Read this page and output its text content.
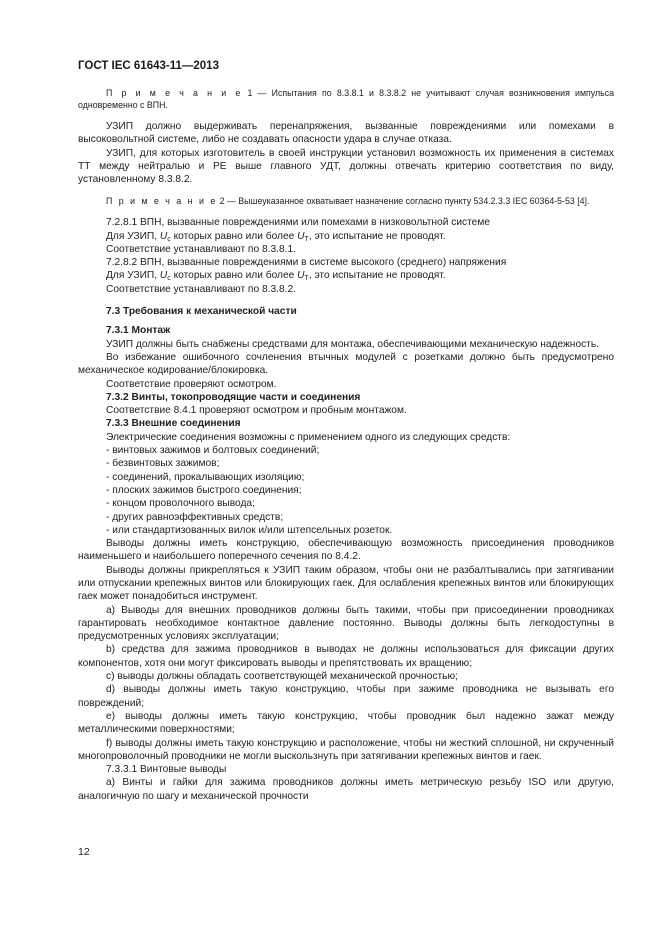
ГОСТ IEC 61643-11—2013

П р и м е ч а н и е 1 — Испытания по 8.3.8.1 и 8.3.8.2 не учитывают случая возникновения импульса одновременно с ВПН.

УЗИП должно выдерживать перенапряжения, вызванные повреждениями или помехами в высоковольтной системе, либо не создавать опасности удара в случае отказа.

УЗИП, для которых изготовитель в своей инструкции установил возможность их применения в системах ТТ между нейтралью и PE выше главного УДТ, должны отвечать критерию соответствия по виду, установленному 8.3.8.2.

П р и м е ч а н и е 2 — Вышеуказанное охватывает назначение согласно пункту 534.2.3.3 IEC 60364-5-53 [4].

7.2.8.1 ВПН, вызванные повреждениями или помехами в низковольтной системе

Для УЗИП, $U_c$ которых равно или более $U_T$, это испытание не проводят.

Соответствие устанавливают по 8.3.8.1.

7.2.8.2 ВПН, вызванные повреждениями в системе высокого (среднего) напряжения

Для УЗИП, $U_c$ которых равно или более $U_T$, это испытание не проводят.

Соответствие устанавливают по 8.3.8.2.

7.3 Требования к механической части

7.3.1 Монтаж

УЗИП должны быть снабжены средствами для монтажа, обеспечивающими механическую надежность.

Во избежание ошибочного сочленения втычных модулей с розетками должно быть предусмотрено механическое кодирование/блокировка.

Соответствие проверяют осмотром.

7.3.2 Винты, токопроводящие части и соединения

Соответствие 8.4.1 проверяют осмотром и пробным монтажом.

7.3.3 Внешние соединения

Электрические соединения возможны с применением одного из следующих средств:

- винтовых зажимов и болтовых соединений;

- безвинтовых зажимов;

- соединений, прокалывающих изоляцию;

- плоских зажимов быстрого соединения;

- концом проволочного вывода;

- других равноэффективных средств;

- или стандартизованных вилок и/или штепсельных розеток.

Выводы должны иметь конструкцию, обеспечивающую возможность присоединения проводников наименьшего и наибольшего поперечного сечения по 8.4.2.

Выводы должны прикрепляться к УЗИП таким образом, чтобы они не разбалтывались при затягивании или отпускании крепежных винтов или блокирующих гаек. Для ослабления крепежных винтов или блокирующих гаек может понадобиться инструмент.

a) Выводы для внешних проводников должны быть такими, чтобы при присоединении проводниках гарантировать необходимое контактное давление постоянно. Выводы должны быть легкодоступны в предусмотренных условиях эксплуатации;

b) средства для зажима проводников в выводах не должны использоваться для фиксации других компонентов, хотя они могут фиксировать выводы и препятствовать их вращению;

c) выводы должны обладать соответствующей механической прочностью;

d) выводы должны иметь такую конструкцию, чтобы при зажиме проводника не вызывать его повреждений;

e) выводы должны иметь такую конструкцию, чтобы проводник был надежно зажат между металлическими поверхностями;

f) выводы должны иметь такую конструкцию и расположение, чтобы ни жесткий сплошной, ни скрученный многопроволочный проводники не могли выскользнуть при затягивании крепежных винтов и гаек.

7.3.3.1 Винтовые выводы

a) Винты и гайки для зажима проводников должны иметь метрическую резьбу ISO или другую, аналогичную по шагу и механической прочности

12
